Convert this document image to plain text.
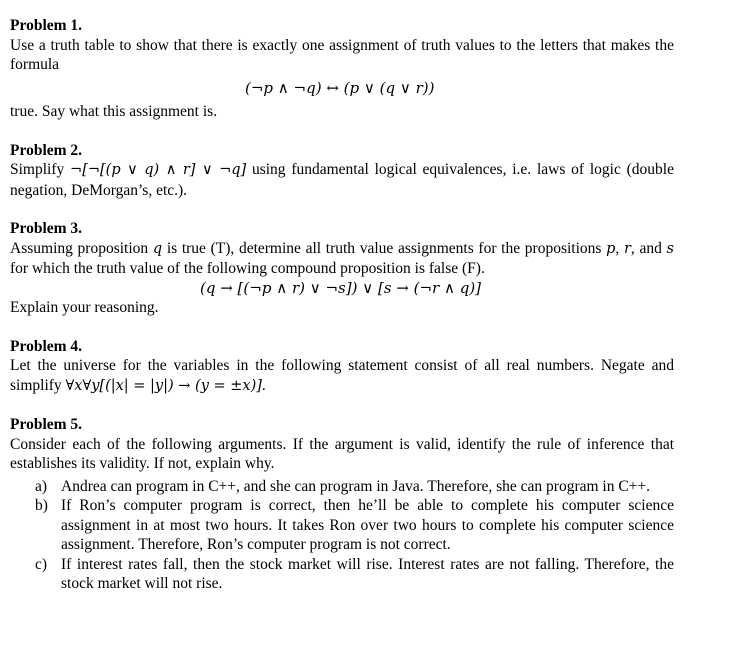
Problem 1.

Use a truth table to show that there is exactly one assignment of truth values to the letters that makes the formula

(¬p ∧ ¬q) ↔ (p ∨ (q ∨ r))

true. Say what this assignment is.

Problem 2.

Simplify ¬[¬[(p ∨ q) ∧ r] ∨ ¬q] using fundamental logical equivalences, i.e. laws of logic (double negation, DeMorgan’s, etc.).

Problem 3.

Assuming proposition q is true (T), determine all truth value assignments for the propositions p, r, and s for which the truth value of the following compound proposition is false (F).

(q → [(¬p ∧ r) ∨ ¬s]) ∨ [s → (¬r ∧ q)]

Explain your reasoning.

Problem 4.

Let the universe for the variables in the following statement consist of all real numbers. Negate and simplify ∀x∀y[(|x| = |y|) → (y = ±x)].

Problem 5.

Consider each of the following arguments. If the argument is valid, identify the rule of inference that establishes its validity. If not, explain why.

a) Andrea can program in C++, and she can program in Java. Therefore, she can program in C++.
b) If Ron’s computer program is correct, then he’ll be able to complete his computer science assignment in at most two hours. It takes Ron over two hours to complete his computer science assignment. Therefore, Ron’s computer program is not correct.
c) If interest rates fall, then the stock market will rise. Interest rates are not falling. Therefore, the stock market will not rise.
